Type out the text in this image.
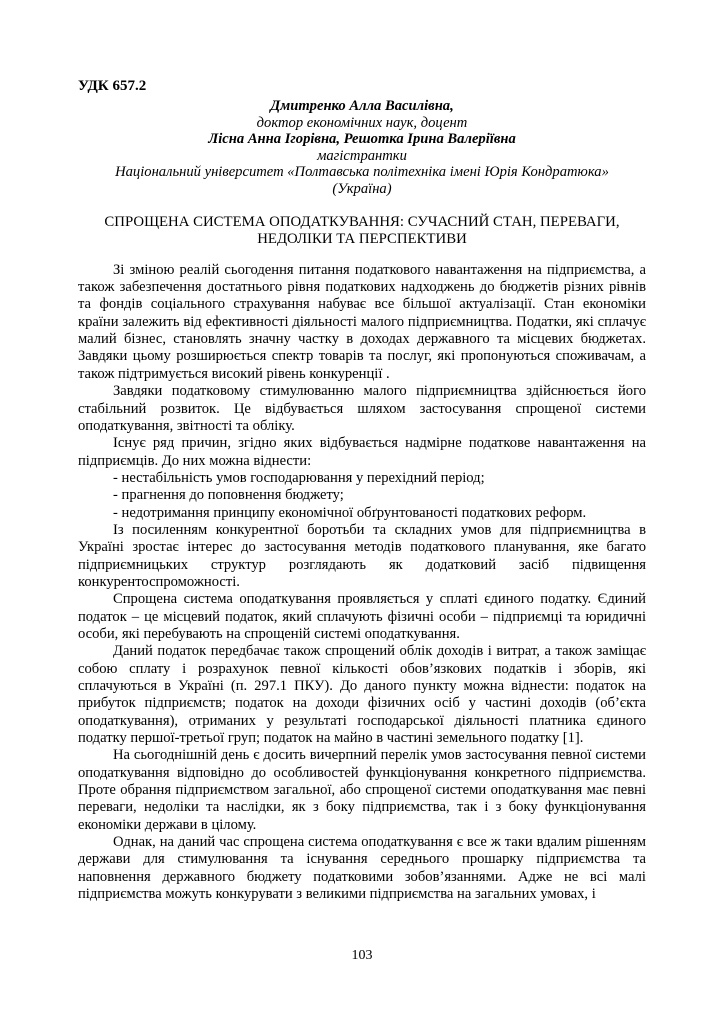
УДК 657.2
Дмитренко Алла Василівна,
доктор економічних наук, доцент
Лісна Анна Ігорівна, Решотка Ірина Валеріївна
магістрантки
Національний університет «Полтавська політехніка імені Юрія Кондратюка»
(Україна)
СПРОЩЕНА СИСТЕМА ОПОДАТКУВАННЯ: СУЧАСНИЙ СТАН, ПЕРЕВАГИ, НЕДОЛІКИ ТА ПЕРСПЕКТИВИ

Зі зміною реалій сьогодення питання податкового навантаження на підприємства, а також забезпечення достатнього рівня податкових надходжень до бюджетів різних рівнів та фондів соціального страхування набуває все більшої актуалізації. Стан економіки країни залежить від ефективності діяльності малого підприємництва. Податки, які сплачує малий бізнес, становлять значну частку в доходах державного та місцевих бюджетах. Завдяки цьому розширюється спектр товарів та послуг, які пропонуються споживачам, а також підтримується високий рівень конкуренції .

Завдяки податковому стимулюванню малого підприємництва здійснюється його стабільний розвиток. Це відбувається шляхом застосування спрощеної системи оподаткування, звітності та обліку.

Існує ряд причин, згідно яких відбувається надмірне податкове навантаження на підприємців. До них можна віднести:

- нестабільність умов господарювання у перехідний період;

- прагнення до поповнення бюджету;

- недотримання принципу економічної обґрунтованості податкових реформ.

Із посиленням конкурентної боротьби та складних умов для підприємництва в Україні зростає інтерес до застосування методів податкового планування, яке багато підприємницьких структур розглядають як додатковий засіб підвищення конкурентоспроможності.

Спрощена система оподаткування проявляється у сплаті єдиного податку. Єдиний податок – це місцевий податок, який сплачують фізичні особи – підприємці та юридичні особи, які перебувають на спрощеній системі оподаткування.

Даний податок передбачає також спрощений облік доходів і витрат, а також заміщає собою сплату і розрахунок певної кількості обов’язкових податків і зборів, які сплачуються в Україні (п. 297.1 ПКУ). До даного пункту можна віднести: податок на прибуток підприємств; податок на доходи фізичних осіб у частині доходів (об’єкта оподаткування), отриманих у результаті господарської діяльності платника єдиного податку першої-третьої груп; податок на майно в частині земельного податку [1].

На сьогоднішній день є досить вичерпний перелік умов застосування певної системи оподаткування відповідно до особливостей функціонування конкретного підприємства. Проте обрання підприємством загальної, або спрощеної системи оподаткування має певні переваги, недоліки та наслідки, як з боку підприємства, так і з боку функціонування економіки держави в цілому.

Однак, на даний час спрощена система оподаткування є все ж таки вдалим рішенням держави для стимулювання та існування середнього прошарку підприємства та наповнення державного бюджету податковими зобов’язаннями. Адже не всі малі підприємства можуть конкурувати з великими підприємства на загальних умовах, і

103
